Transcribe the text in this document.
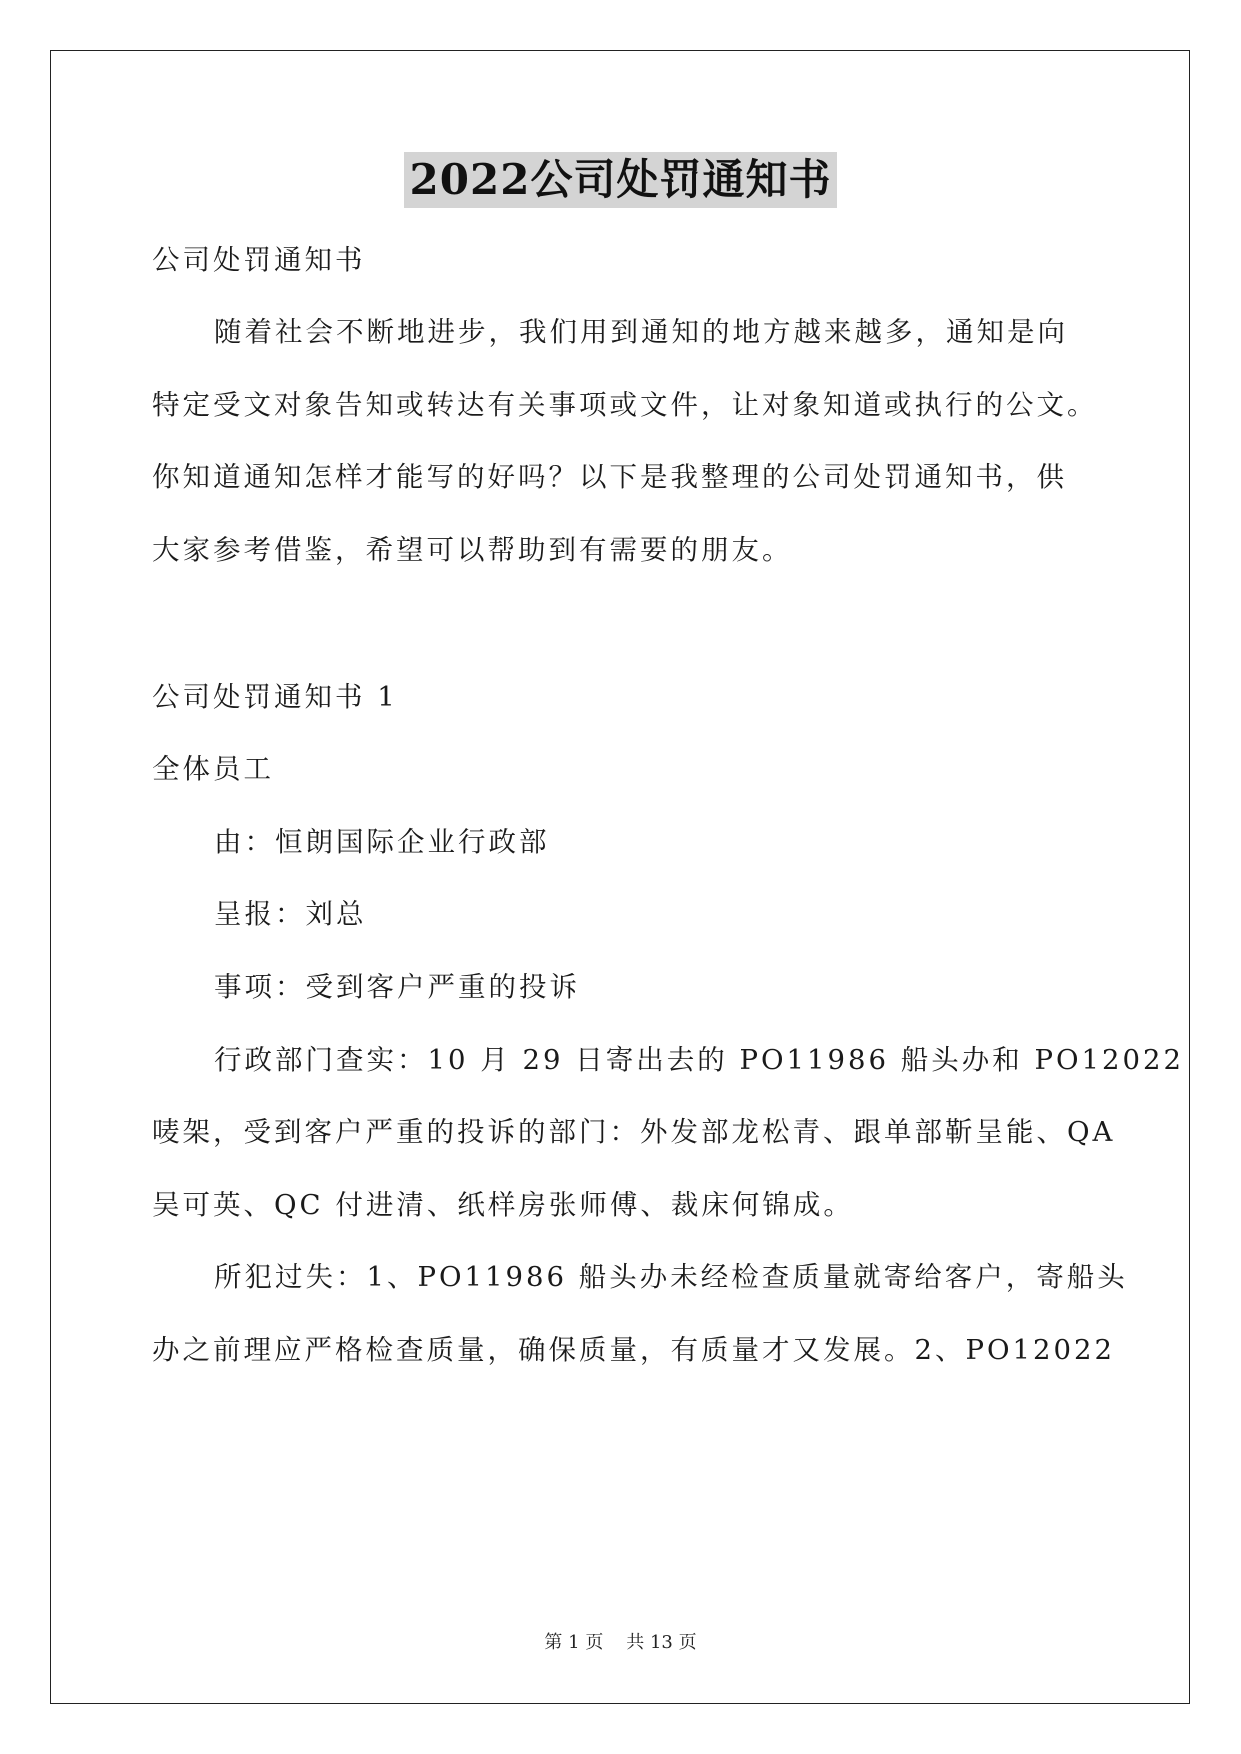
2022公司处罚通知书
公司处罚通知书
随着社会不断地进步，我们用到通知的地方越来越多，通知是向
特定受文对象告知或转达有关事项或文件，让对象知道或执行的公文。
你知道通知怎样才能写的好吗？以下是我整理的公司处罚通知书，供
大家参考借鉴，希望可以帮助到有需要的朋友。
公司处罚通知书 1
全体员工
由：恒朗国际企业行政部
呈报：刘总
事项：受到客户严重的投诉
行政部门查实：10 月 29 日寄出去的 PO11986 船头办和 PO12022
唛架，受到客户严重的投诉的部门：外发部龙松青、跟单部靳呈能、QA
吴可英、QC 付进清、纸样房张师傅、裁床何锦成。
所犯过失：1、PO11986 船头办未经检查质量就寄给客户，寄船头
办之前理应严格检查质量，确保质量，有质量才又发展。2、PO12022
第 1 页 共 13 页
